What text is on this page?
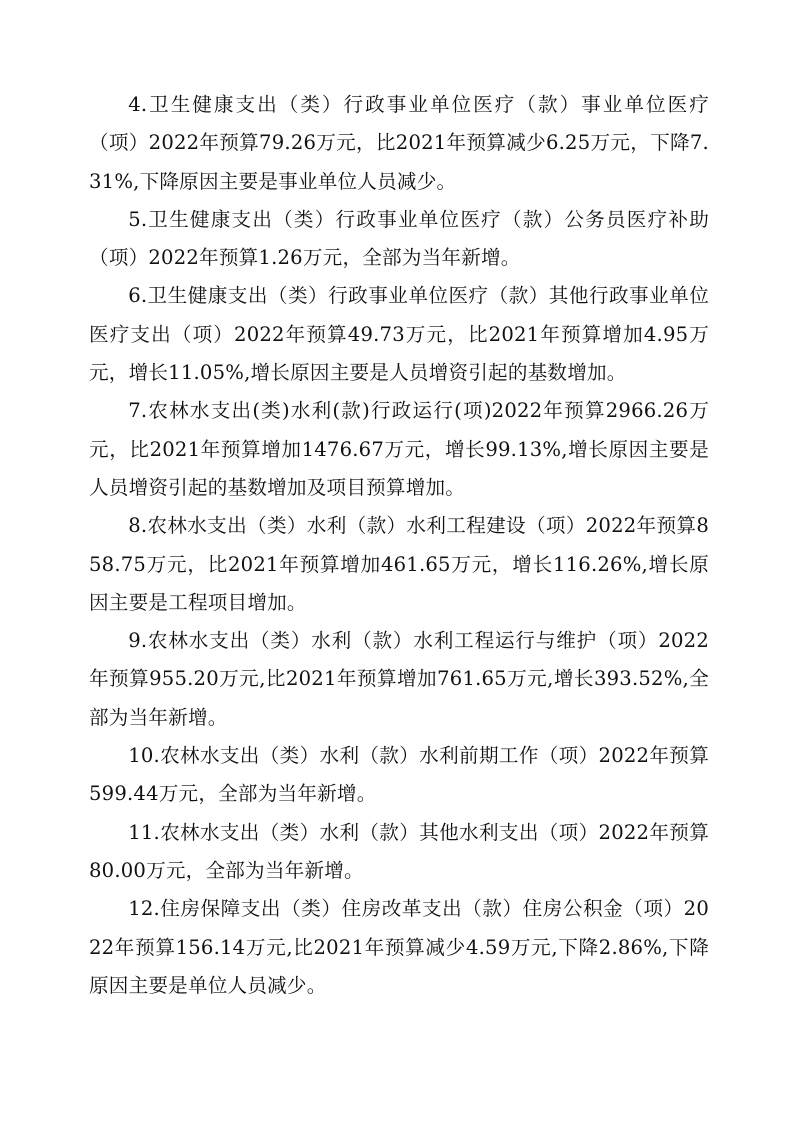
4.卫生健康支出（类）行政事业单位医疗（款）事业单位医疗（项）2022年预算79.26万元，比2021年预算减少6.25万元，下降7.31%,下降原因主要是事业单位人员减少。

5.卫生健康支出（类）行政事业单位医疗（款）公务员医疗补助（项）2022年预算1.26万元，全部为当年新增。

6.卫生健康支出（类）行政事业单位医疗（款）其他行政事业单位医疗支出（项）2022年预算49.73万元，比2021年预算增加4.95万元，增长11.05%,增长原因主要是人员增资引起的基数增加。

7.农林水支出(类)水利(款)行政运行(项)2022年预算2966.26万元，比2021年预算增加1476.67万元，增长99.13%,增长原因主要是人员增资引起的基数增加及项目预算增加。

8.农林水支出（类）水利（款）水利工程建设（项）2022年预算858.75万元，比2021年预算增加461.65万元，增长116.26%,增长原因主要是工程项目增加。

9.农林水支出（类）水利（款）水利工程运行与维护（项）2022年预算955.20万元,比2021年预算增加761.65万元,增长393.52%,全部为当年新增。

10.农林水支出（类）水利（款）水利前期工作（项）2022年预算599.44万元，全部为当年新增。

11.农林水支出（类）水利（款）其他水利支出（项）2022年预算80.00万元，全部为当年新增。

12.住房保障支出（类）住房改革支出（款）住房公积金（项）2022年预算156.14万元,比2021年预算减少4.59万元,下降2.86%,下降原因主要是单位人员减少。
